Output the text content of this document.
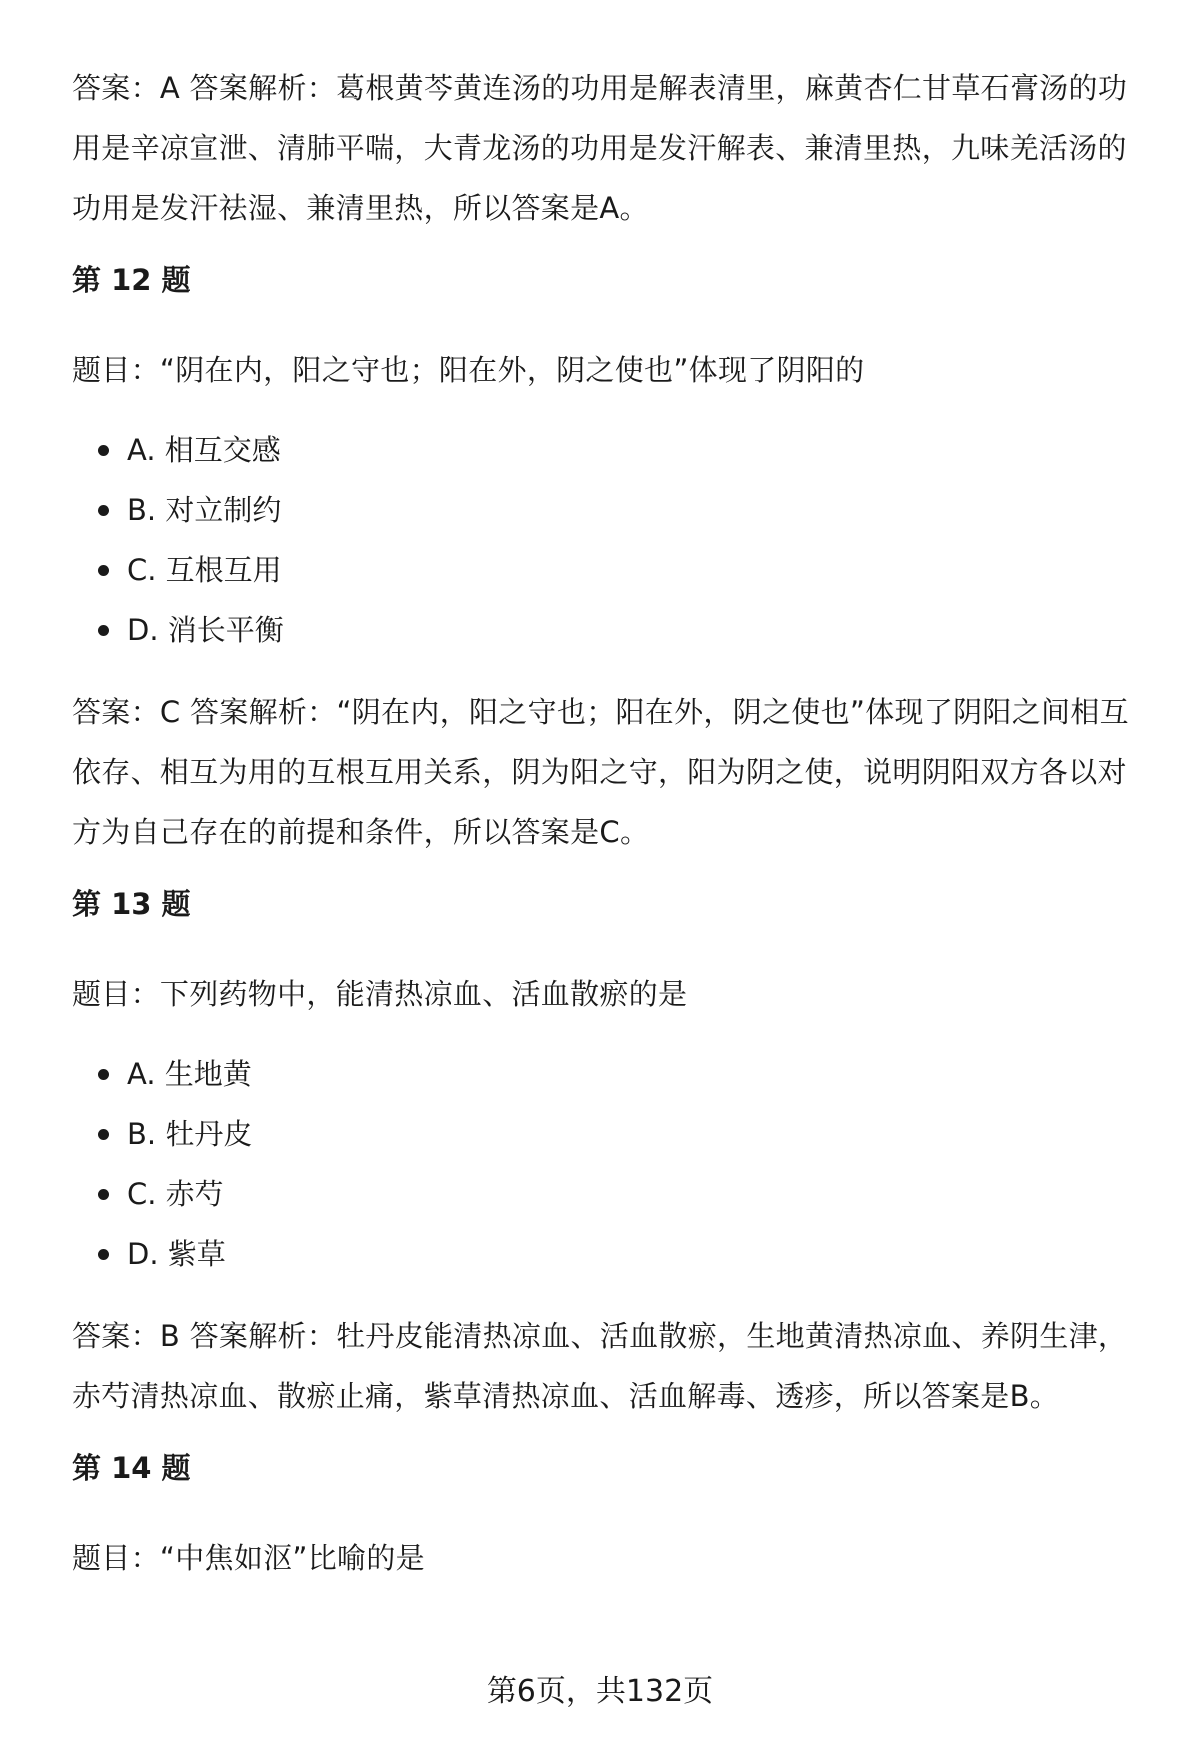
答案：A 答案解析：葛根黄芩黄连汤的功用是解表清里，麻黄杏仁甘草石膏汤的功用是辛凉宣泄、清肺平喘，大青龙汤的功用是发汗解表、兼清里热，九味羌活汤的功用是发汗祛湿、兼清里热，所以答案是A。

第 12 题

题目：“阴在内，阳之守也；阳在外，阴之使也”体现了阴阳的

A. 相互交感
B. 对立制约
C. 互根互用
D. 消长平衡

答案：C 答案解析：“阴在内，阳之守也；阳在外，阴之使也”体现了阴阳之间相互依存、相互为用的互根互用关系，阴为阳之守，阳为阴之使，说明阴阳双方各以对方为自己存在的前提和条件，所以答案是C。

第 13 题

题目：下列药物中，能清热凉血、活血散瘀的是

A. 生地黄
B. 牡丹皮
C. 赤芍
D. 紫草

答案：B 答案解析：牡丹皮能清热凉血、活血散瘀，生地黄清热凉血、养阴生津，赤芍清热凉血、散瘀止痛，紫草清热凉血、活血解毒、透疹，所以答案是B。

第 14 题

题目：“中焦如沤”比喻的是

第6页，共132页
